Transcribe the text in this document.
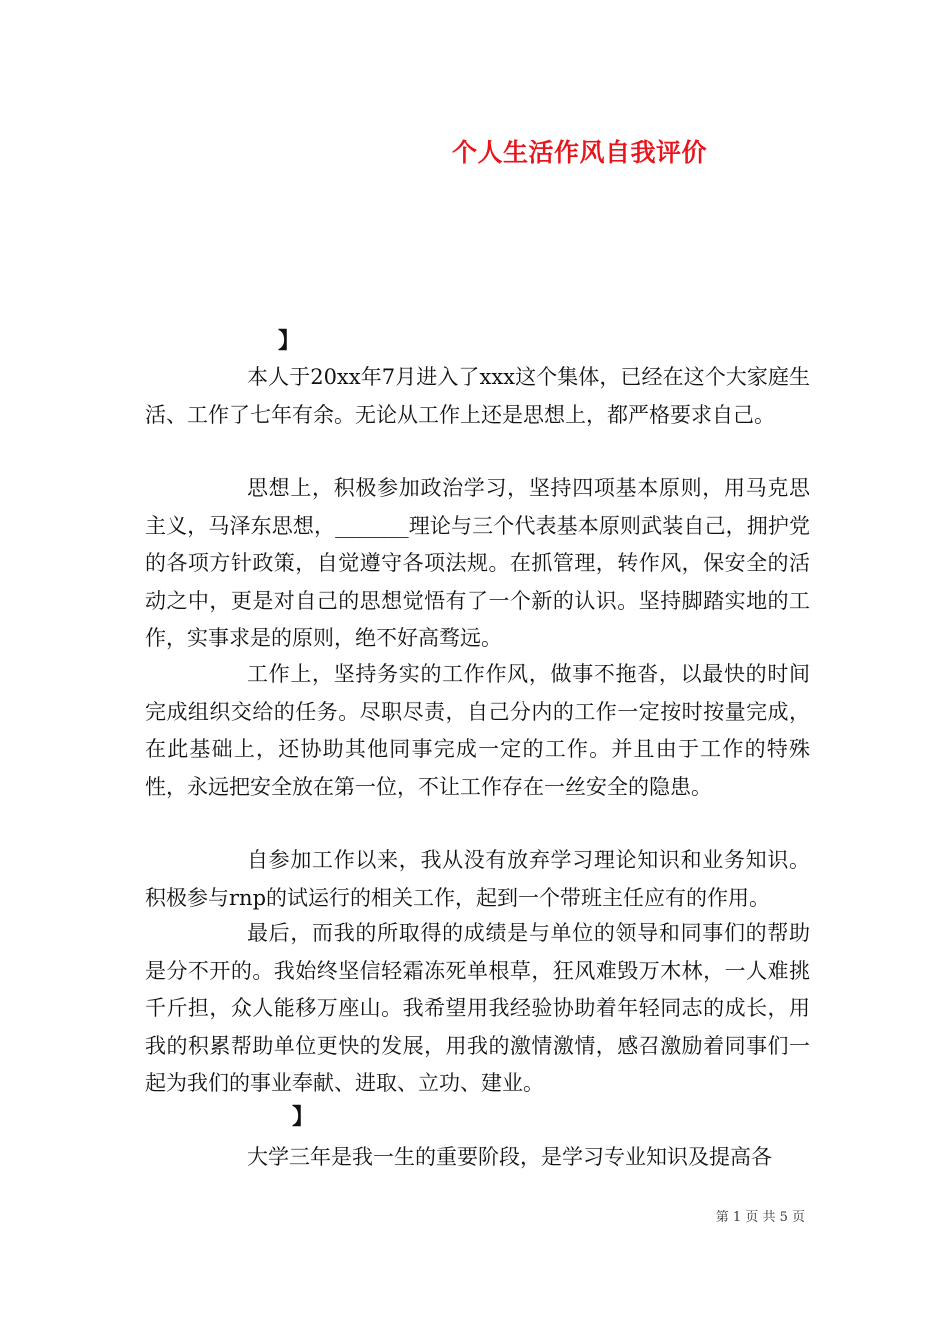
个人生活作风自我评价
】

本人于20xx年7月进入了xxx这个集体，已经在这个大家庭生活、工作了七年有余。无论从工作上还是思想上，都严格要求自己。

思想上，积极参加政治学习，坚持四项基本原则，用马克思主义，马泽东思想，_______理论与三个代表基本原则武装自己，拥护党的各项方针政策，自觉遵守各项法规。在抓管理，转作风，保安全的活动之中，更是对自己的思想觉悟有了一个新的认识。坚持脚踏实地的工作，实事求是的原则，绝不好高骛远。

工作上，坚持务实的工作作风，做事不拖沓，以最快的时间完成组织交给的任务。尽职尽责，自己分内的工作一定按时按量完成，在此基础上，还协助其他同事完成一定的工作。并且由于工作的特殊性，永远把安全放在第一位，不让工作存在一丝安全的隐患。

自参加工作以来，我从没有放弃学习理论知识和业务知识。积极参与rnp的试运行的相关工作，起到一个带班主任应有的作用。

最后，而我的所取得的成绩是与单位的领导和同事们的帮助是分不开的。我始终坚信轻霜冻死单根草，狂风难毁万木林，一人难挑千斤担，众人能移万座山。我希望用我经验协助着年轻同志的成长，用我的积累帮助单位更快的发展，用我的激情激情，感召激励着同事们一起为我们的事业奉献、进取、立功、建业。

】

大学三年是我一生的重要阶段，是学习专业知识及提高各

第 1 页 共 5 页
